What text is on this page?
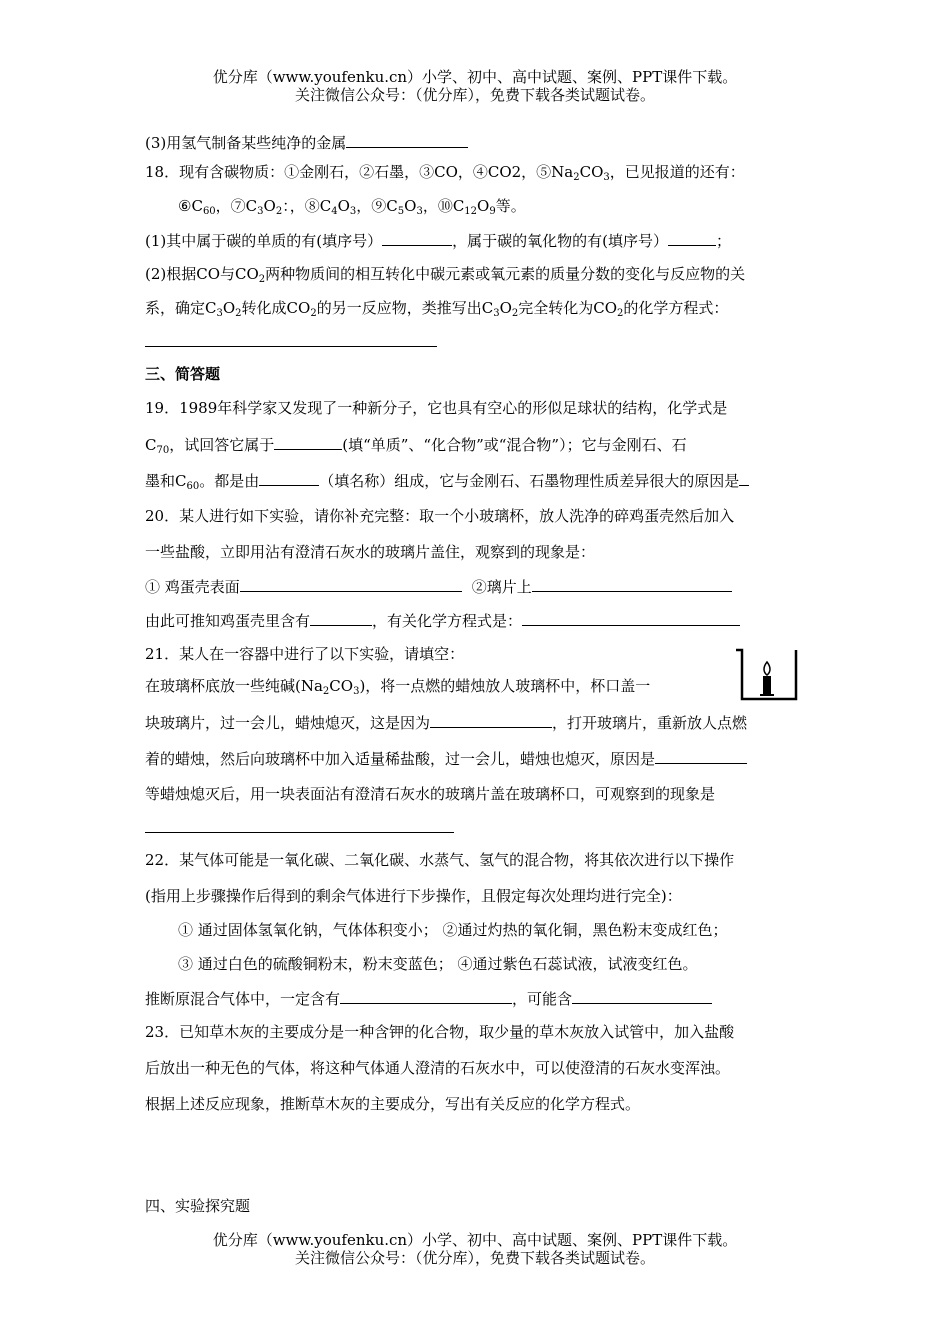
优分库（www.youfenku.cn）小学、初中、高中试题、案例、PPT课件下载。
关注微信公众号：（优分库），免费下载各类试题试卷。
(3)用氢气制备某些纯净的金属
18．现有含碳物质：①金刚石，②石墨，③CO，④CO2，$⑤Na_2CO_3$，已见报道的还有：
$⑥C_{60}$，$⑦C_3O_2$：，$⑧C_4O_3$，$⑨C_5O_3$，$⑩C_{12}O_9$等。
(1)其中属于碳的单质的有(填序号）	，属于碳的氧化物的有(填序号）	；
(2)根据CO与$CO_2$两种物质间的相互转化中碳元素或氧元素的质量分数的变化与反应物的关
系，确定$C_3O_2$转化成$CO_2$的另一反应物，类推写出$C_3O_2$完全转化为$CO_2$的化学方程式：
三、简答题
19．1989年科学家又发现了一种新分子，它也具有空心的形似足球状的结构，化学式是
$C_{70}$，试回答它属于	(填“单质”、“化合物”或“混合物”）；它与金刚石、石
墨和$C_{60}$。都是由	（填名称）组成，它与金刚石、石墨物理性质差异很大的原因是
20．某人进行如下实验，请你补充完整：取一个小玻璃杯，放人洗净的碎鸡蛋壳然后加入
一些盐酸，立即用沾有澄清石灰水的玻璃片盖住，观察到的现象是：
① 鸡蛋壳表面	②璃片上
由此可推知鸡蛋壳里含有	，有关化学方程式是：
21．某人在一容器中进行了以下实验，请填空：
在玻璃杯底放一些纯碱$(Na_2CO_3)$，将一点燃的蜡烛放人玻璃杯中，杯口盖一
块玻璃片，过一会儿，蜡烛熄灭，这是因为	，打开玻璃片，重新放人点燃
着的蜡烛，然后向玻璃杯中加入适量稀盐酸，过一会儿，蜡烛也熄灭，原因是
等蜡烛熄灭后，用一块表面沾有澄清石灰水的玻璃片盖在玻璃杯口，可观察到的现象是
22．某气体可能是一氧化碳、二氧化碳、水蒸气、氢气的混合物，将其依次进行以下操作
(指用上步骤操作后得到的剩余气体进行下步操作，且假定每次处理均进行完全)：
① 通过固体氢氧化钠，气体体积变小； ②通过灼热的氧化铜，黑色粉末变成红色；
③ 通过白色的硫酸铜粉末，粉末变蓝色； ④通过紫色石蕊试液，试液变红色。
推断原混合气体中，一定含有	，可能含
23．已知草木灰的主要成分是一种含钾的化合物，取少量的草木灰放入试管中，加入盐酸
后放出一种无色的气体，将这种气体通人澄清的石灰水中，可以使澄清的石灰水变浑浊。
根据上述反应现象，推断草木灰的主要成分，写出有关反应的化学方程式。
四、实验探究题
优分库（www.youfenku.cn）小学、初中、高中试题、案例、PPT课件下载。
关注微信公众号：（优分库），免费下载各类试题试卷。
